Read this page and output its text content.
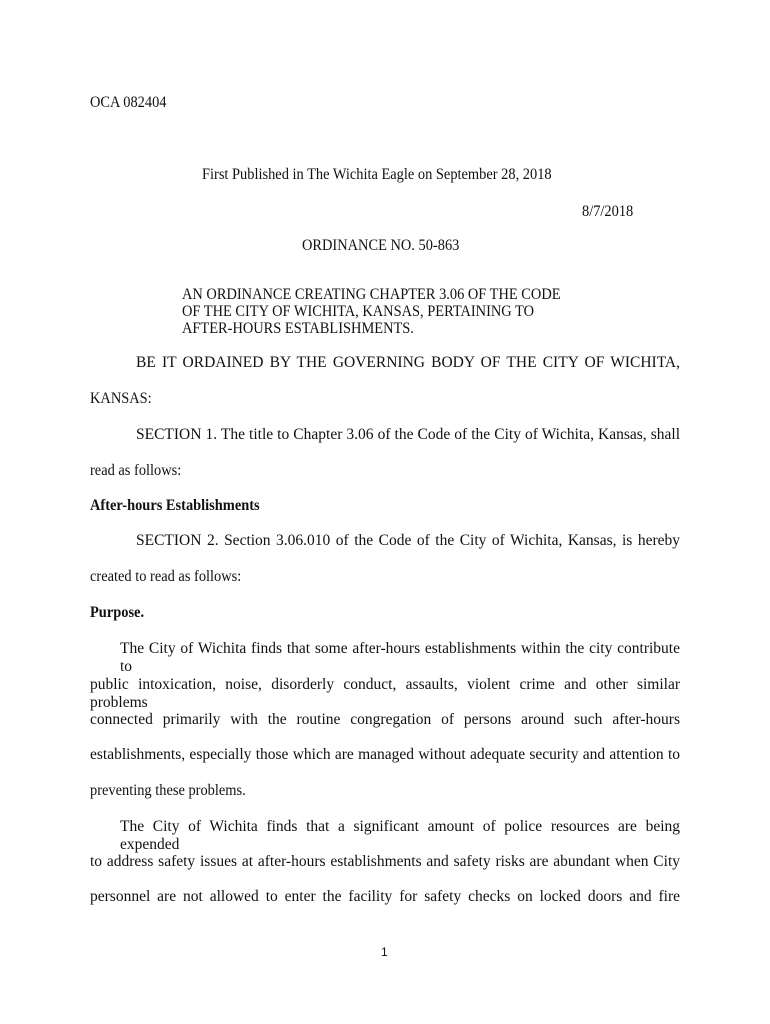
OCA 082404
First Published in The Wichita Eagle on September 28, 2018
8/7/2018
ORDINANCE NO. 50-863
AN ORDINANCE CREATING CHAPTER 3.06 OF THE CODE
OF THE CITY OF WICHITA, KANSAS, PERTAINING TO
AFTER-HOURS ESTABLISHMENTS.
BE IT ORDAINED BY THE GOVERNING BODY OF THE CITY OF WICHITA,
KANSAS:
SECTION 1. The title to Chapter 3.06 of the Code of the City of Wichita, Kansas, shall
read as follows:
After-hours Establishments
SECTION 2. Section 3.06.010 of the Code of the City of Wichita, Kansas, is hereby
created to read as follows:
Purpose.
The City of Wichita finds that some after-hours establishments within the city contribute to
public intoxication, noise, disorderly conduct, assaults, violent crime and other similar problems
connected primarily with the routine congregation of persons around such after-hours
establishments, especially those which are managed without adequate security and attention to
preventing these problems.
The City of Wichita finds that a significant amount of police resources are being expended
to address safety issues at after-hours establishments and safety risks are abundant when City
personnel are not allowed to enter the facility for safety checks on locked doors and fire
1
